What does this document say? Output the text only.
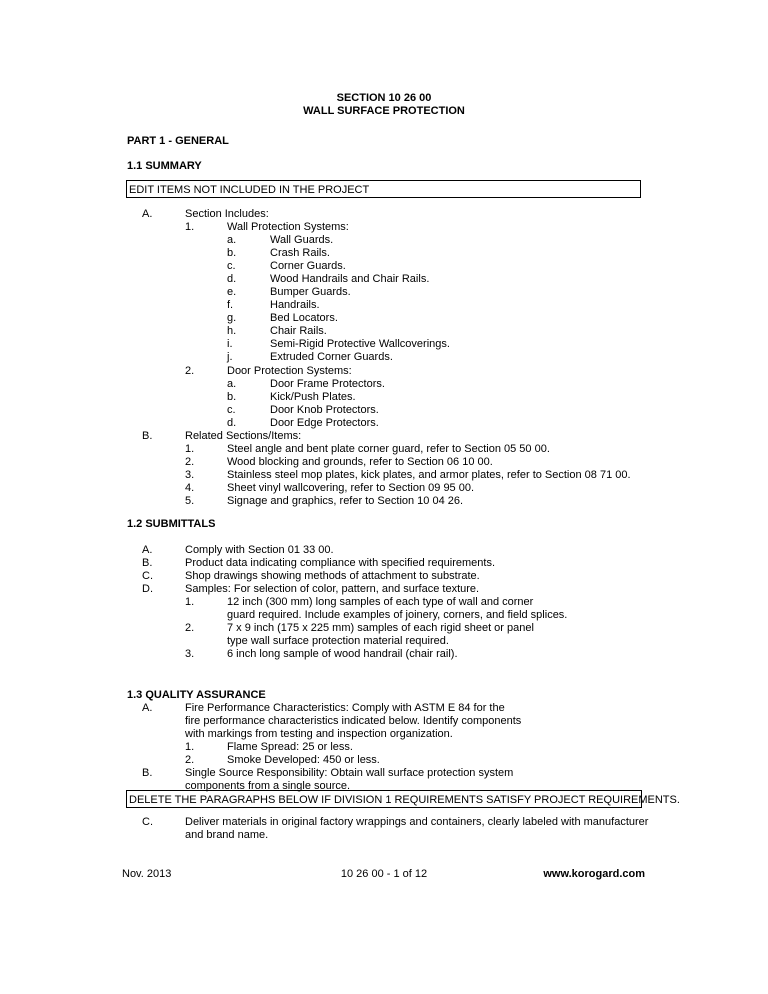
SECTION 10 26 00
WALL SURFACE PROTECTION
PART 1 - GENERAL
1.1 SUMMARY
EDIT ITEMS NOT INCLUDED IN THE PROJECT
A.	Section Includes:
1.	Wall Protection Systems:
a.	Wall Guards.
b.	Crash Rails.
c.	Corner Guards.
d.	Wood Handrails and Chair Rails.
e.	Bumper Guards.
f.	Handrails.
g.	Bed Locators.
h.	Chair Rails.
i.	Semi-Rigid Protective Wallcoverings.
j.	Extruded Corner Guards.
2.	Door Protection Systems:
a.	Door Frame Protectors.
b.	Kick/Push Plates.
c.	Door Knob Protectors.
d.	Door Edge Protectors.
B.	Related Sections/Items:
1.	Steel angle and bent plate corner guard, refer to Section 05 50 00.
2.	Wood blocking and grounds, refer to Section 06 10 00.
3.	Stainless steel mop plates, kick plates, and armor plates, refer to Section 08 71 00.
4.	Sheet vinyl wallcovering, refer to Section 09 95 00.
5.	Signage and graphics, refer to Section 10 04 26.
1.2 SUBMITTALS
A.	Comply with Section 01 33 00.
B.	Product data indicating compliance with specified requirements.
C.	Shop drawings showing methods of attachment to substrate.
D.	Samples: For selection of color, pattern, and surface texture.
1.	12 inch (300 mm) long samples of each type of wall and corner
guard required. Include examples of joinery, corners, and field splices.
2.	7 x 9 inch (175 x 225 mm) samples of each rigid sheet or panel
type wall surface protection material required.
3.	6 inch long sample of wood handrail (chair rail).
1.3 QUALITY ASSURANCE
A.	Fire Performance Characteristics: Comply with ASTM E 84 for the
fire performance characteristics indicated below. Identify components
with markings from testing and inspection organization.
1.	Flame Spread: 25 or less.
2.	Smoke Developed: 450 or less.
B.	Single Source Responsibility: Obtain wall surface protection system
components from a single source.
DELETE THE PARAGRAPHS BELOW IF DIVISION 1 REQUIREMENTS SATISFY PROJECT REQUIREMENTS.
C.	Deliver materials in original factory wrappings and containers, clearly labeled with manufacturer
and brand name.
Nov. 2013	10 26 00 - 1 of 12	www.korogard.com
